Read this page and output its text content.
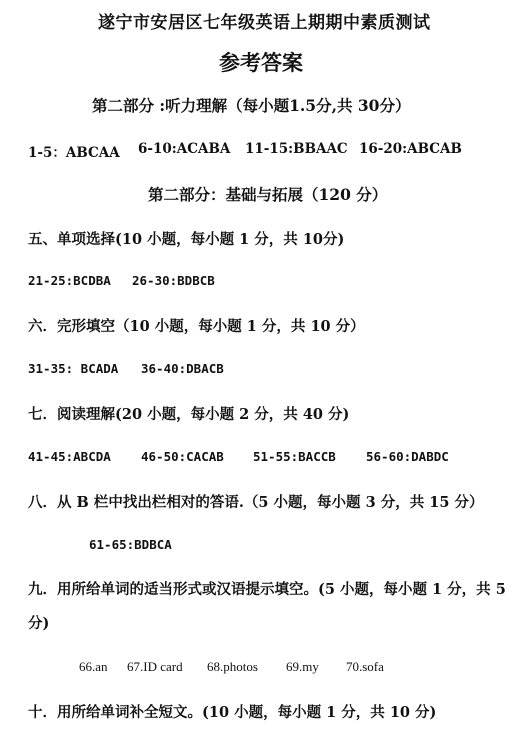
遂宁市安居区七年级英语上期期中素质测试
参考答案
第二部分 :听力理解（每小题1.5分,共 30分）
1-5：ABCAA 6-10:ACABA 11-15:BBAAC 16-20:ABCAB
第二部分：基础与拓展（120 分）
五、单项选择(10 小题，每小题 1 分，共 10分)
21-25:BCDBA 26-30:BDBCB
六．完形填空（10 小题，每小题 1 分，共 10 分）
31-35: BCADA 36-40:DBACB
七．阅读理解(20 小题，每小题 2 分，共 40 分)
41-45:ABCDA 46-50:CACAB 51-55:BACCB 56-60:DABDC
八．从 B 栏中找出栏相对的答语.（5 小题，每小题 3 分，共 15 分）
61-65:BDBCA
九．用所给单词的适当形式或汉语提示填空。(5 小题，每小题 1 分，共 5
分)
66.an 67.ID card 68.photos 69.my 70.sofa
十．用所给单词补全短文。(10 小题，每小题 1 分，共 10 分)
